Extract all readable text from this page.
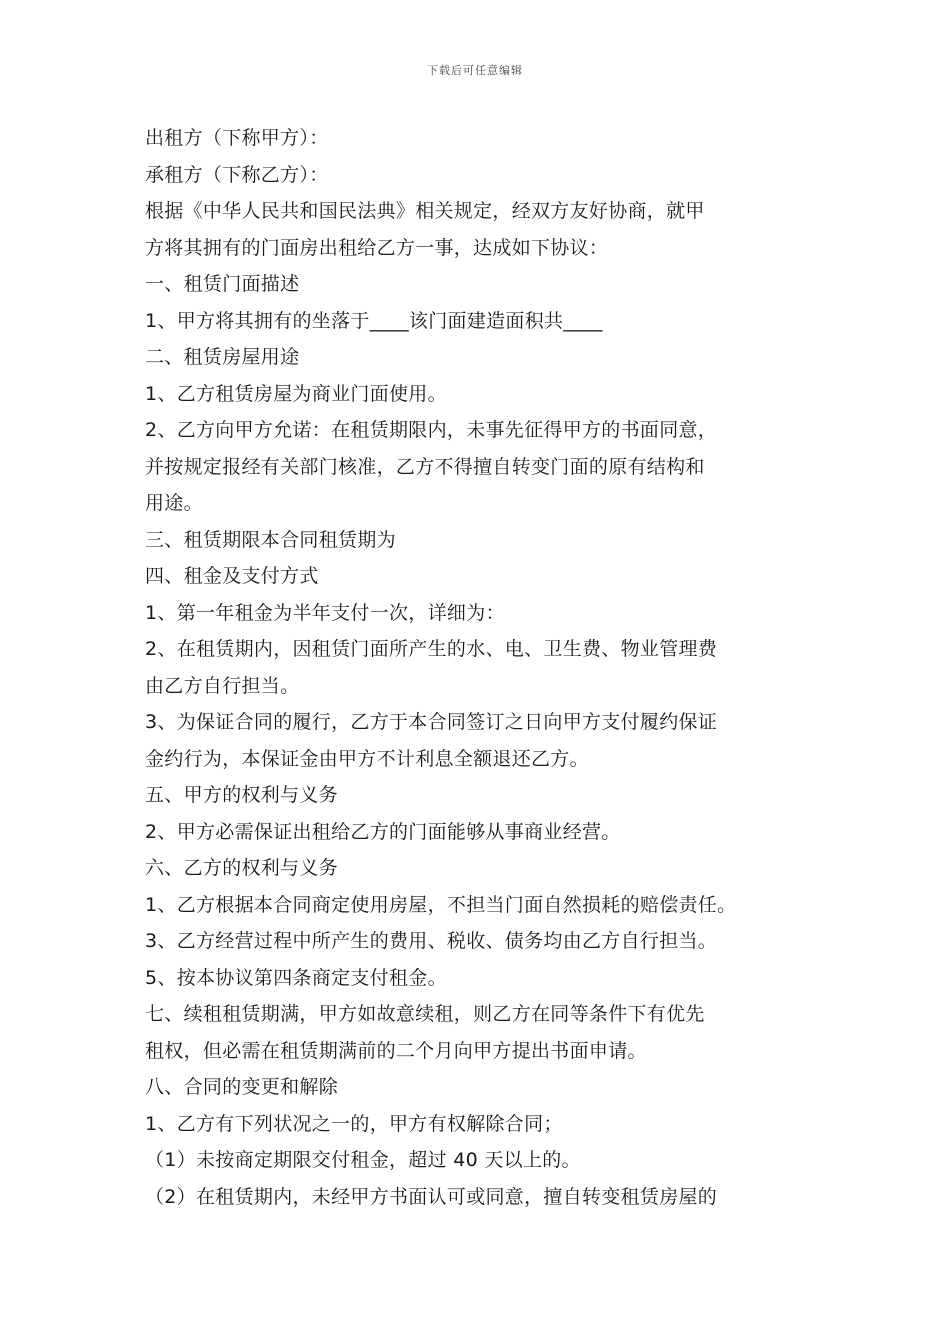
下载后可任意编辑
出租方（下称甲方）：
承租方（下称乙方）：
根据《中华人民共和国民法典》相关规定，经双方友好协商，就甲
方将其拥有的门面房出租给乙方一事，达成如下协议：
一、租赁门面描述
1、甲方将其拥有的坐落于____该门面建造面积共____
二、租赁房屋用途
1、乙方租赁房屋为商业门面使用。
2、乙方向甲方允诺：在租赁期限内，未事先征得甲方的书面同意，
并按规定报经有关部门核准，乙方不得擅自转变门面的原有结构和
用途。
三、租赁期限本合同租赁期为
四、租金及支付方式
1、第一年租金为半年支付一次，详细为：
2、在租赁期内，因租赁门面所产生的水、电、卫生费、物业管理费
由乙方自行担当。
3、为保证合同的履行，乙方于本合同签订之日向甲方支付履约保证
金约行为，本保证金由甲方不计利息全额退还乙方。
五、甲方的权利与义务
2、甲方必需保证出租给乙方的门面能够从事商业经营。
六、乙方的权利与义务
1、乙方根据本合同商定使用房屋，不担当门面自然损耗的赔偿责任。
3、乙方经营过程中所产生的费用、税收、债务均由乙方自行担当。
5、按本协议第四条商定支付租金。
七、续租租赁期满，甲方如故意续租，则乙方在同等条件下有优先
租权，但必需在租赁期满前的二个月向甲方提出书面申请。
八、合同的变更和解除
1、乙方有下列状况之一的，甲方有权解除合同；
（1）未按商定期限交付租金，超过 40 天以上的。
（2）在租赁期内，未经甲方书面认可或同意，擅自转变租赁房屋的
